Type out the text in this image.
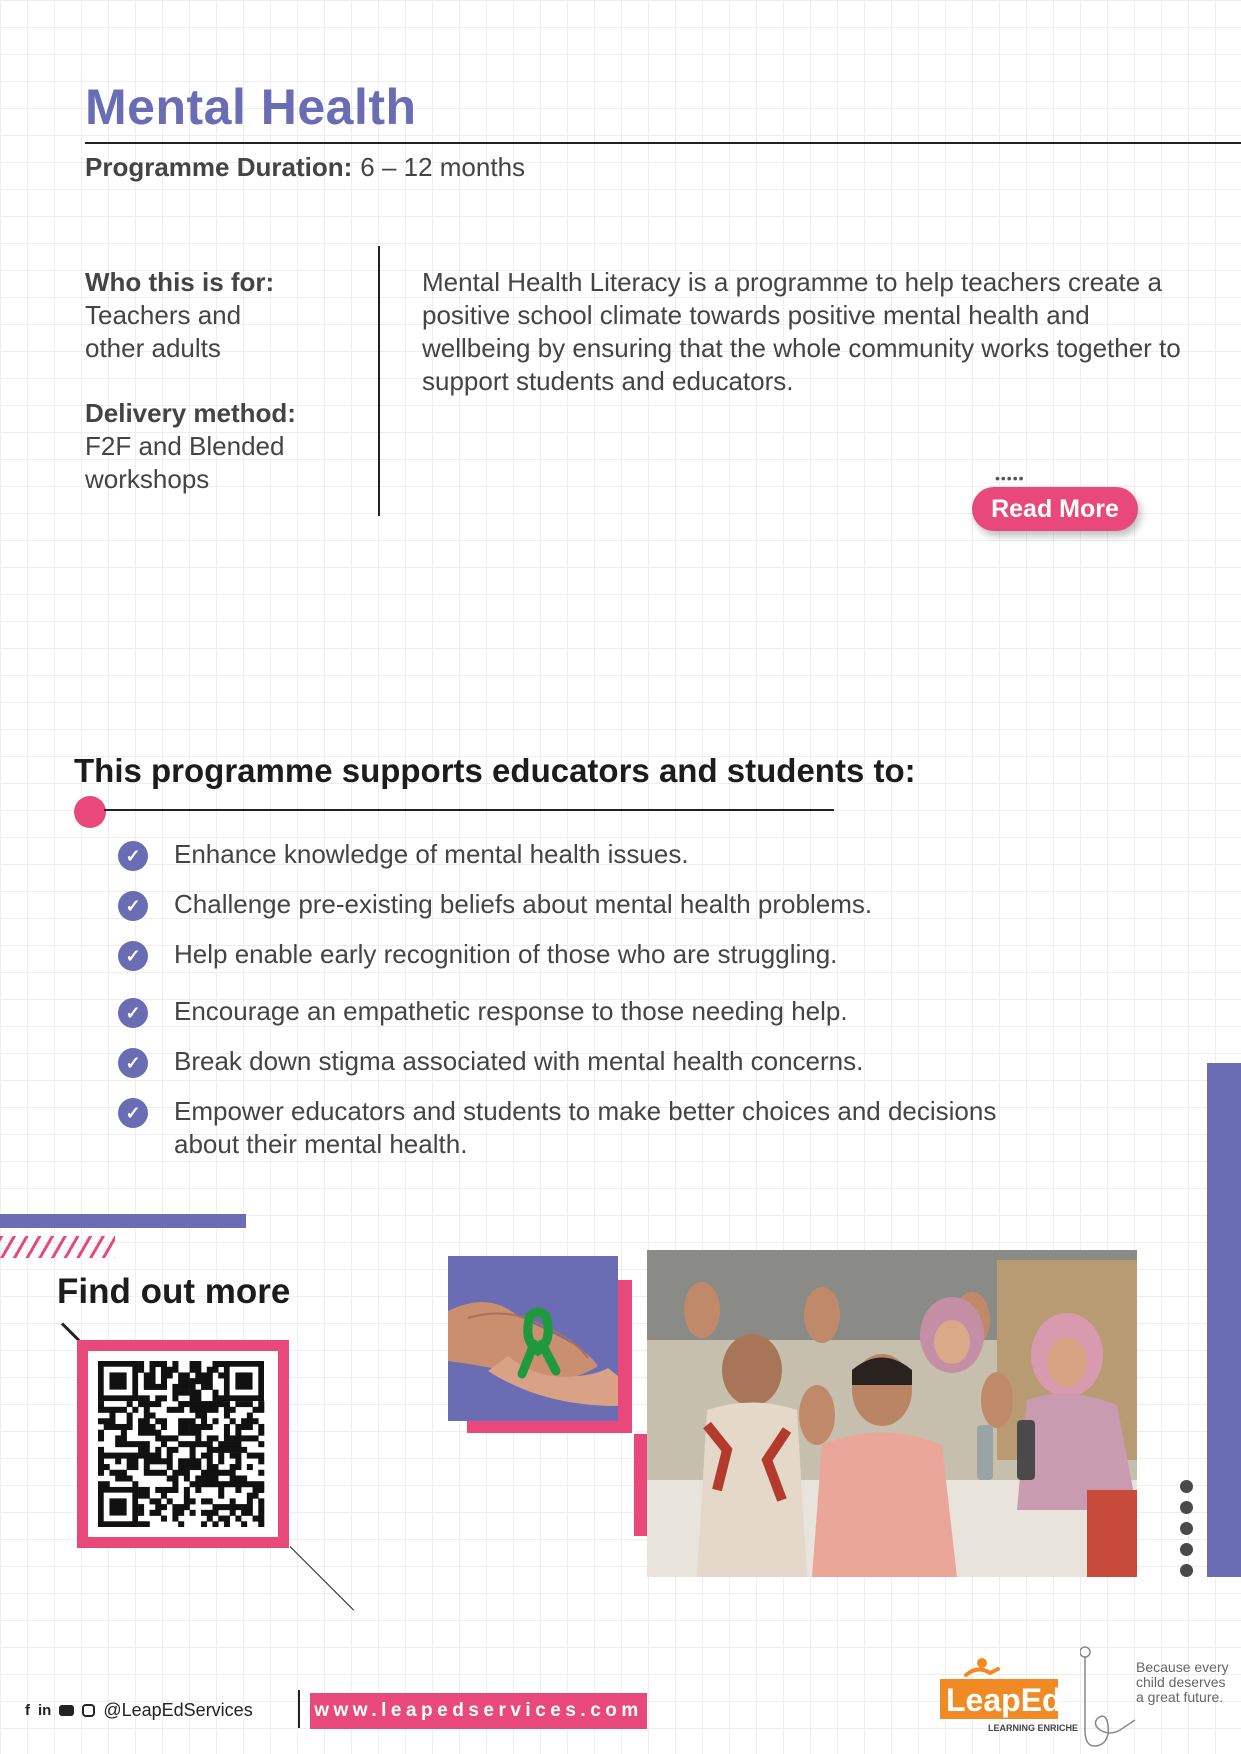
Mental Health
Programme Duration: 6 – 12 months
Who this is for:
Teachers and
other adults
Delivery method:
F2F and Blended
workshops
Mental Health Literacy is a programme to help teachers create a positive school climate towards positive mental health and wellbeing by ensuring that the whole community works together to support students and educators.
•••••
Read More
This programme supports educators and students to:
✓ Enhance knowledge of mental health issues.
✓ Challenge pre-existing beliefs about mental health problems.
✓ Help enable early recognition of those who are struggling.
✓ Encourage an empathetic response to those needing help.
✓ Break down stigma associated with mental health concerns.
✓ Empower educators and students to make better choices and decisions about their mental health.
Find out more
f in	@LeapEdServices	www.leapedservices.com	LeapEd
LEARNING ENRICHED
Because every child deserves a great future.
